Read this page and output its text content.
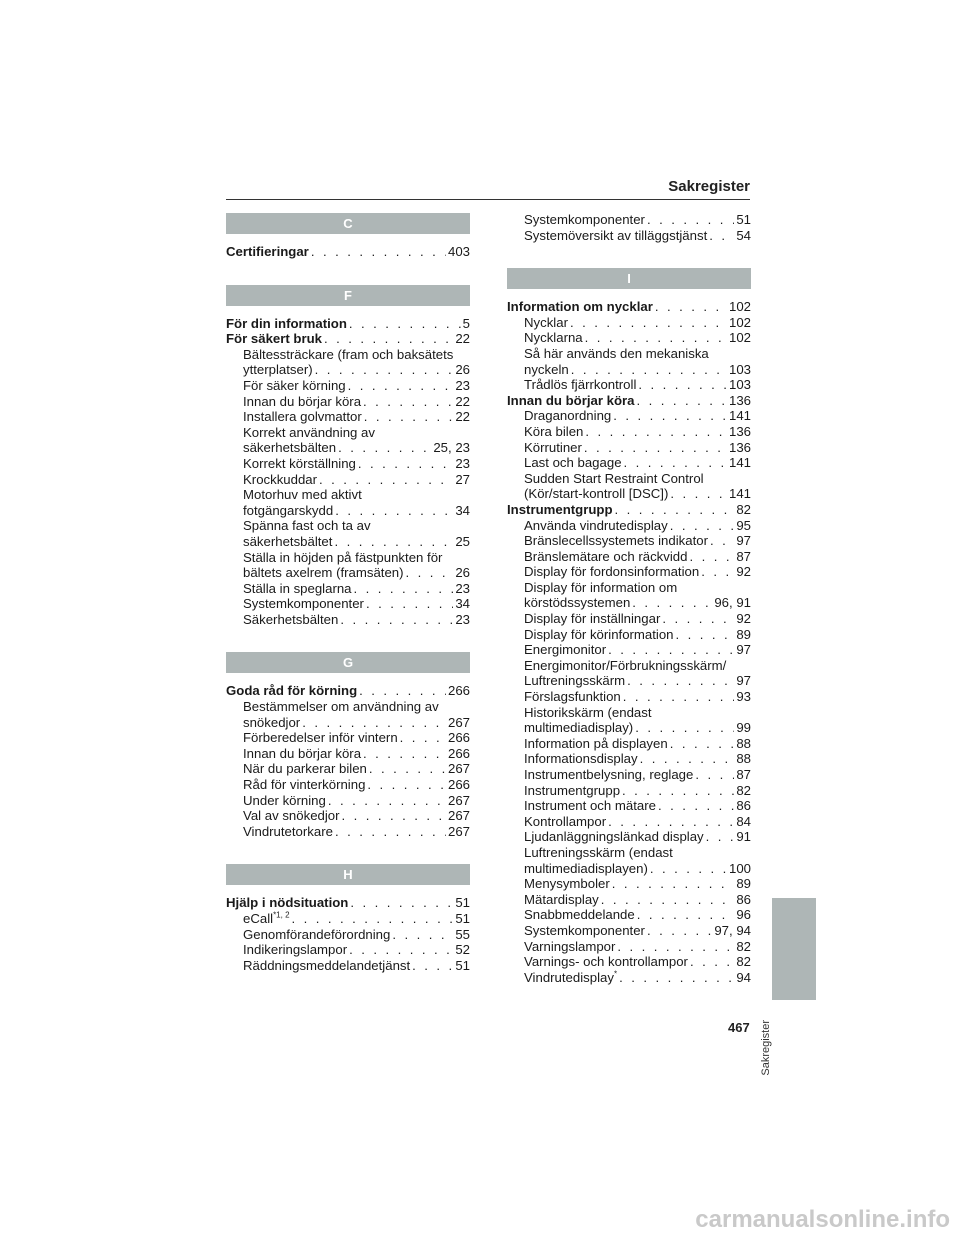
Sakregister
C
Certifieringar . . .	403
F
För din information . . .	5
För säkert bruk . . .	22
Bältessträckare (fram och baksätets
ytterplatser) . . .	26
För säker körning . . .	23
Innan du börjar köra . . .	22
Installera golvmattor . . .	22
Korrekt användning av
säkerhetsbälten . . .	25, 23
Korrekt körställning . . .	23
Krockkuddar . . .	27
Motorhuv med aktivt
fotgängarskydd . . .	34
Spänna fast och ta av
säkerhetsbältet . . .	25
Ställa in höjden på fästpunkten för
bältets axelrem (framsäten) . . .	26
Ställa in speglarna . . .	23
Systemkomponenter . . .	34
Säkerhetsbälten . . .	23
G
Goda råd för körning . . .	266
Bestämmelser om användning av
snökedjor . . .	267
Förberedelser inför vintern . . .	266
Innan du börjar köra . . .	266
När du parkerar bilen . . .	267
Råd för vinterkörning . . .	266
Under körning . . .	267
Val av snökedjor . . .	267
Vindrutetorkare . . .	267
H
Hjälp i nödsituation . . .	51
eCall$^{*1, 2}$ . . .	51
Genomförandeförordning . . .	55
Indikeringslampor . . .	52
Räddningsmeddelandetjänst . . .	51
Systemkomponenter . . .	51
Systemöversikt av tilläggstjänst . . . 54
I
Information om nycklar . . .	102
Nycklar . . .	102
Nycklarna . . .	102
Så här används den mekaniska
nyckeln . . .	103
Trådlös fjärrkontroll . . .	103
Innan du börjar köra . . .	136
Draganordning . . .	141
Köra bilen . . .	136
Körrutiner . . .	136
Last och bagage . . .	141
Sudden Start Restraint Control
(Kör/start-kontroll [DSC]) . . .	141
Instrumentgrupp . . .	82
Använda vindrutedisplay . . .	95
Bränslecellssystemets indikator . . . 97
Bränslemätare och räckvidd . . .	87
Display för fordonsinformation . . .	92
Display för information om
körstödssystemen . . .	96, 91
Display för inställningar . . .	92
Display för körinformation . . .	89
Energimonitor . . .	97
Energimonitor/Förbrukningsskärm/
Luftreningsskärm . . .	97
Förslagsfunktion . . .	93
Historikskärm (endast
multimediadisplay) . . .	99
Information på displayen . . .	88
Informationsdisplay . . .	88
Instrumentbelysning, reglage . . .	87
Instrumentgrupp . . .	82
Instrument och mätare . . .	86
Kontrollampor . . .	84
Ljudanläggningslänkad display . . . 91
Luftreningsskärm (endast
multimediadisplayen) . . .	100
Menysymboler . . .	89
Mätardisplay . . .	86
Snabbmeddelande . . .	96
Systemkomponenter . . .	97, 94
Varningslampor . . .	82
Varnings- och kontrollampor . . .	82
Vindrutedisplay* . . .	94
Sakregister
467
carmanualsonline.info
